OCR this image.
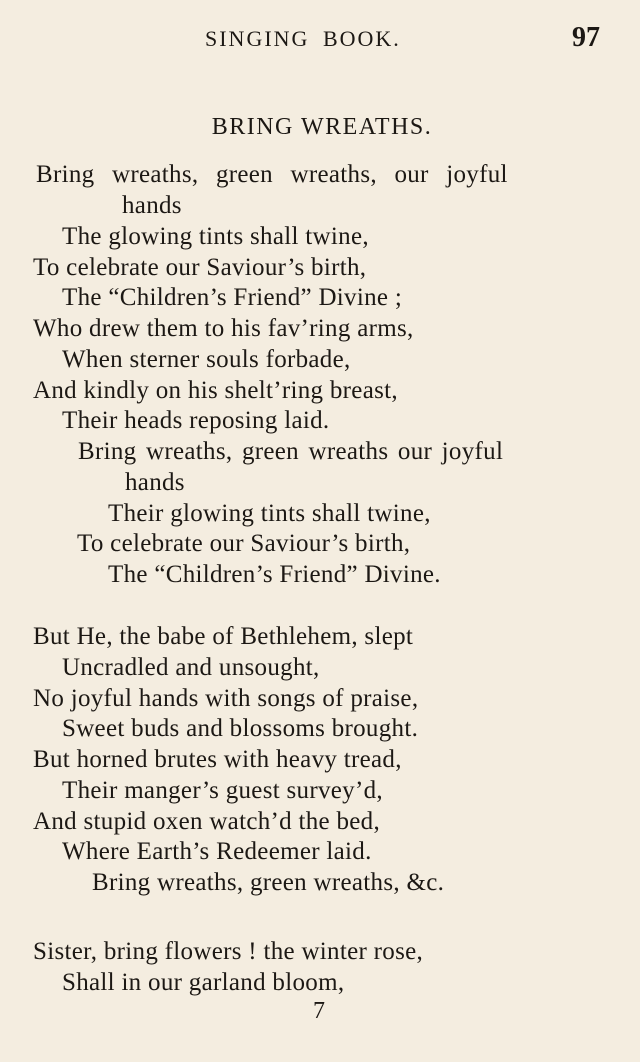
SINGING BOOK.	97
BRING WREATHS.
Bring wreaths, green wreaths, our joyful
hands
The glowing tints shall twine,
To celebrate our Saviour’s birth,
The “Children’s Friend” Divine ;
Who drew them to his fav’ring arms,
When sterner souls forbade,
And kindly on his shelt’ring breast,
Their heads reposing laid.
Bring wreaths, green wreaths our joyful
hands
Their glowing tints shall twine,
To celebrate our Saviour’s birth,
The “Children’s Friend” Divine.
But He, the babe of Bethlehem, slept
Uncradled and unsought,
No joyful hands with songs of praise,
Sweet buds and blossoms brought.
But horned brutes with heavy tread,
Their manger’s guest survey’d,
And stupid oxen watch’d the bed,
Where Earth’s Redeemer laid.
Bring wreaths, green wreaths, &c.
Sister, bring flowers ! the winter rose,
Shall in our garland bloom,
7
